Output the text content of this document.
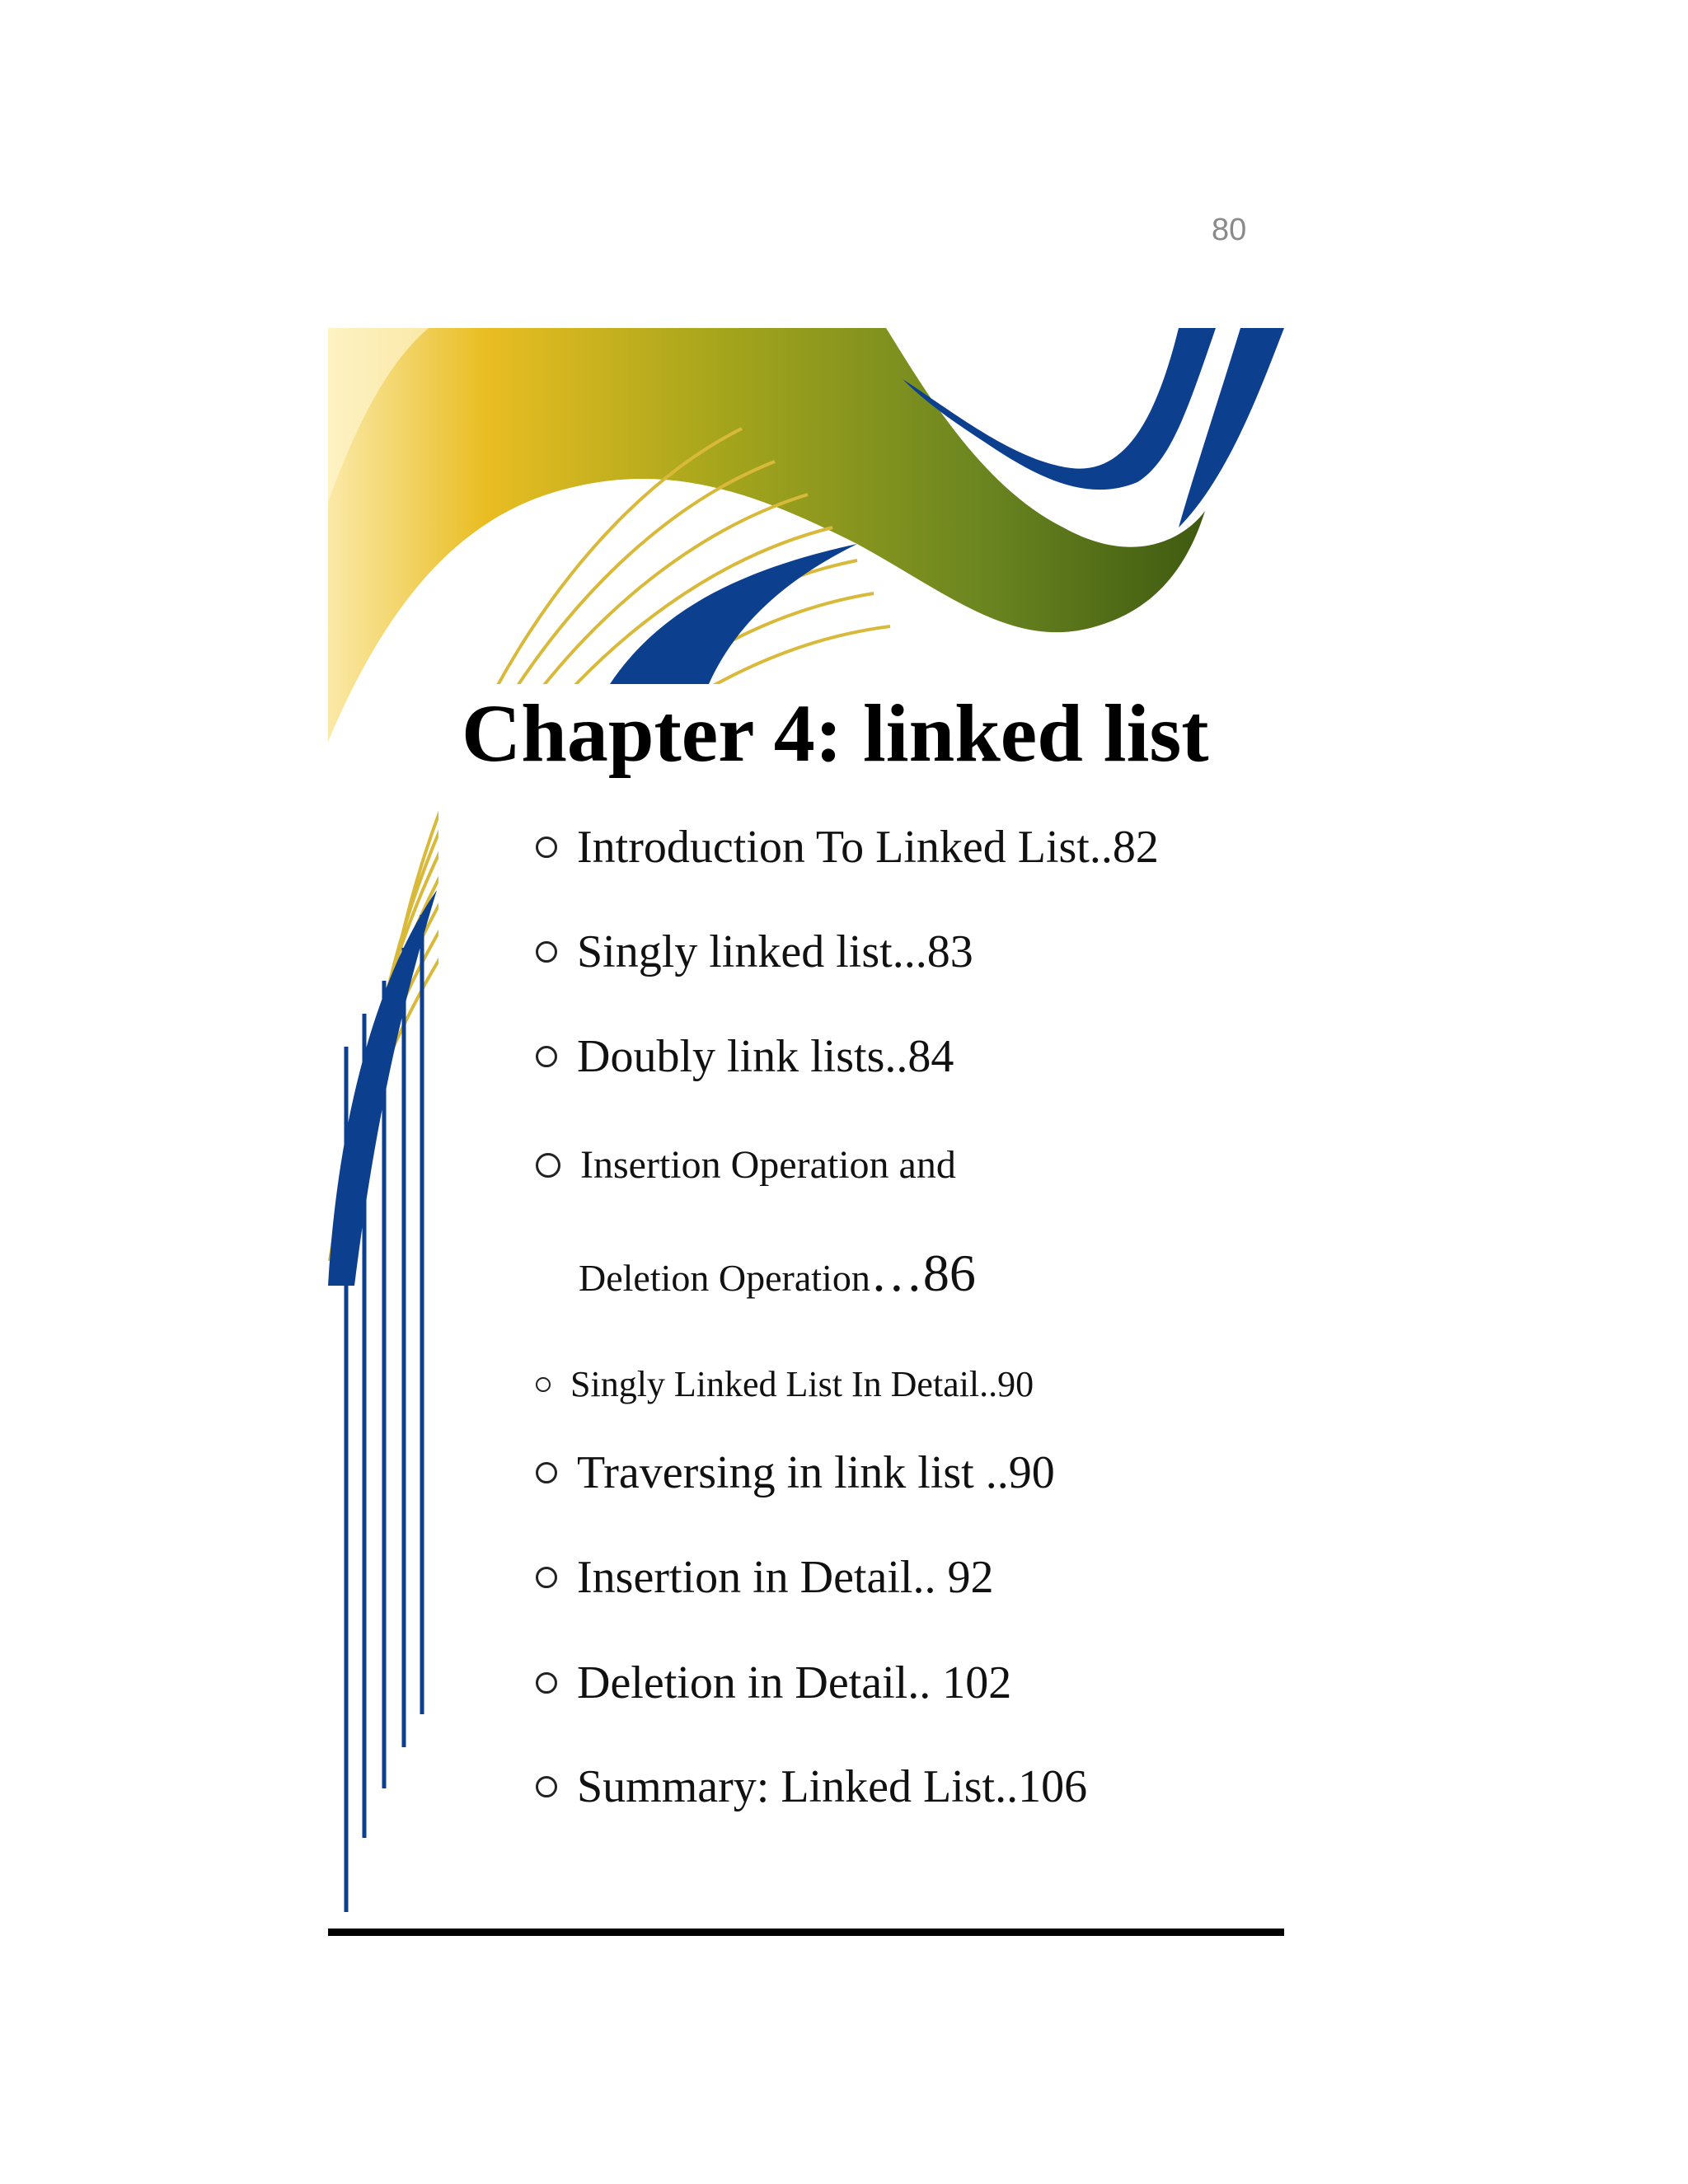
80
Chapter 4: linked list
Introduction To Linked List..82
Singly linked list...83
Doubly link lists..84
Insertion Operation and
Deletion Operation…86
Singly Linked List In Detail..90
Traversing in link list ..90
Insertion in Detail.. 92
Deletion in Detail.. 102
Summary: Linked List..106
